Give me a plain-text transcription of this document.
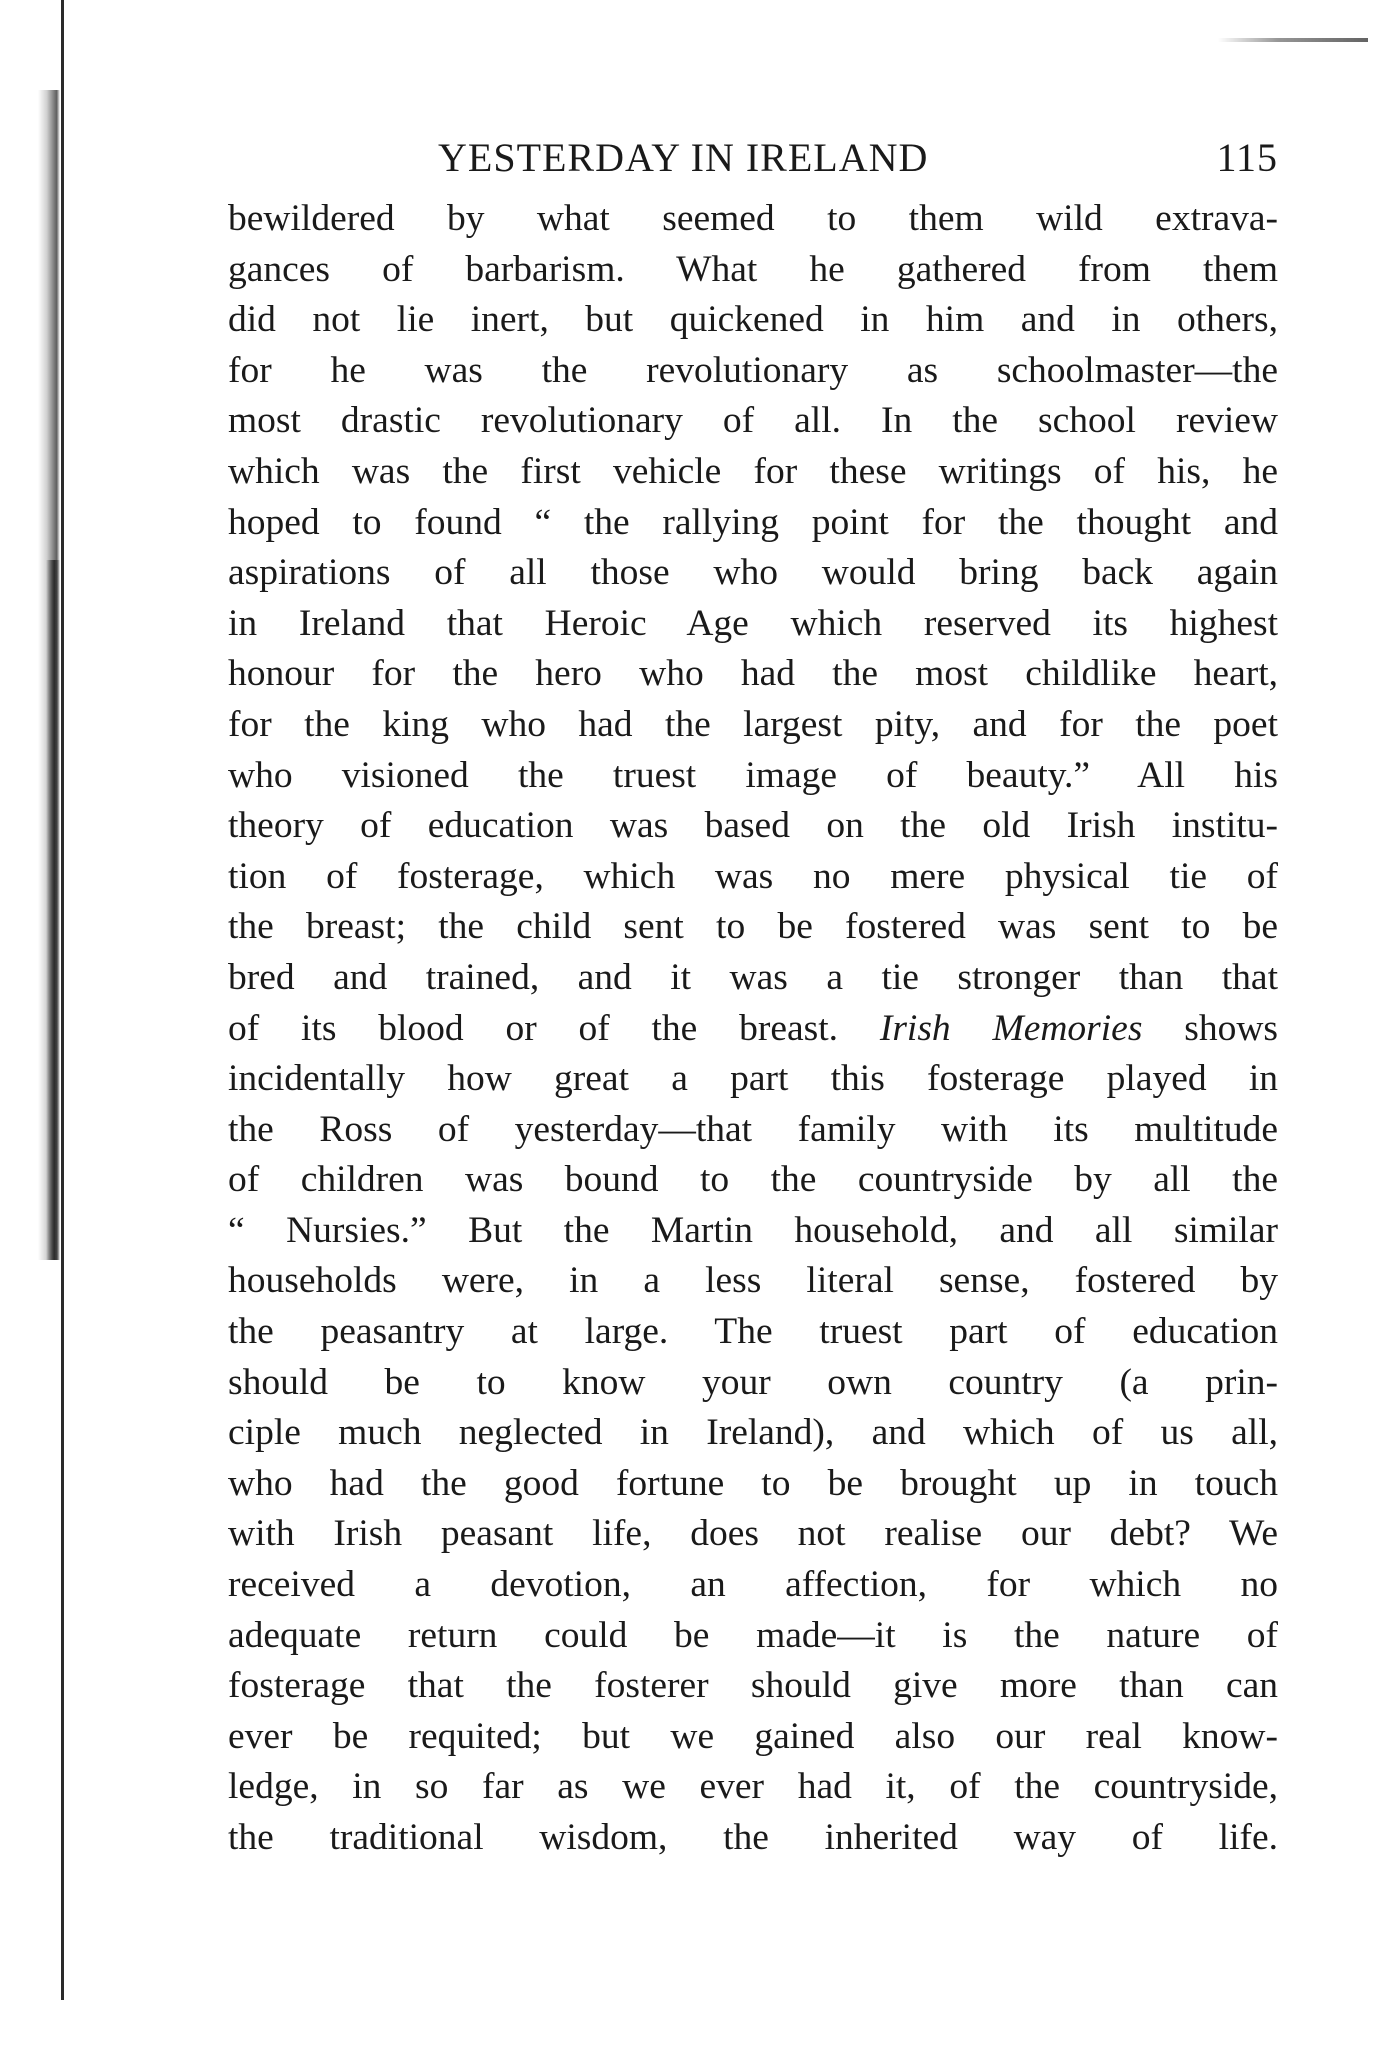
YESTERDAY IN IRELAND	115
bewildered by what seemed to them wild extrava-
gances of barbarism. What he gathered from them
did not lie inert, but quickened in him and in others,
for he was the revolutionary as schoolmaster—the
most drastic revolutionary of all. In the school review
which was the first vehicle for these writings of his, he
hoped to found “ the rallying point for the thought and
aspirations of all those who would bring back again
in Ireland that Heroic Age which reserved its highest
honour for the hero who had the most childlike heart,
for the king who had the largest pity, and for the poet
who visioned the truest image of beauty.” All his
theory of education was based on the old Irish institu-
tion of fosterage, which was no mere physical tie of
the breast; the child sent to be fostered was sent to be
bred and trained, and it was a tie stronger than that
of its blood or of the breast. Irish Memories shows
incidentally how great a part this fosterage played in
the Ross of yesterday—that family with its multitude
of children was bound to the countryside by all the
“ Nursies.” But the Martin household, and all similar
households were, in a less literal sense, fostered by
the peasantry at large. The truest part of education
should be to know your own country (a prin-
ciple much neglected in Ireland), and which of us all,
who had the good fortune to be brought up in touch
with Irish peasant life, does not realise our debt? We
received a devotion, an affection, for which no
adequate return could be made—it is the nature of
fosterage that the fosterer should give more than can
ever be requited; but we gained also our real know-
ledge, in so far as we ever had it, of the countryside,
the traditional wisdom, the inherited way of life.
